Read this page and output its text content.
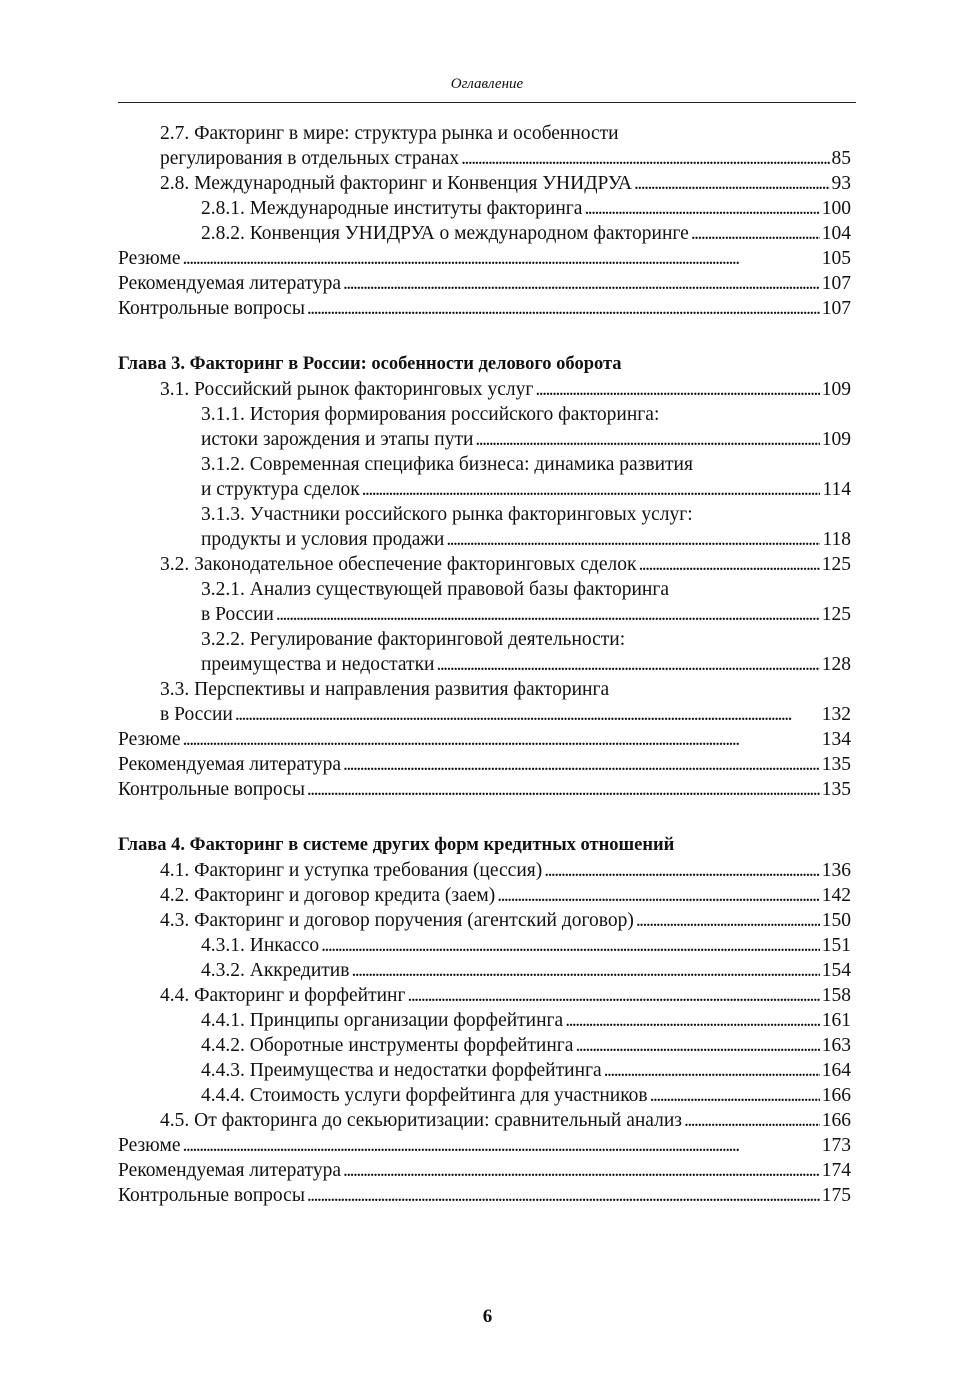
Оглавление
2.7. Факторинг в мире: структура рынка и особенности
регулирования в отдельных странах . . .	85
2.8. Международный факторинг и Конвенция УНИДРУА . . .	93
2.8.1. Международные институты факторинга . . .	100
2.8.2. Конвенция УНИДРУА о международном факторинге . . .	104
Резюме . . .	105
Рекомендуемая литература . . .	107
Контрольные вопросы . . .	107
Глава 3. Факторинг в России: особенности делового оборота
3.1. Российский рынок факторинговых услуг . . .	109
3.1.1. История формирования российского факторинга:
истоки зарождения и этапы пути . . .	109
3.1.2. Современная специфика бизнеса: динамика развития
и структура сделок . . .	114
3.1.3. Участники российского рынка факторинговых услуг:
продукты и условия продажи . . .	118
3.2. Законодательное обеспечение факторинговых сделок . . .	125
3.2.1. Анализ существующей правовой базы факторинга
в России . . .	125
3.2.2. Регулирование факторинговой деятельности:
преимущества и недостатки . . .	128
3.3. Перспективы и направления развития факторинга
в России . . .	132
Резюме . . .	134
Рекомендуемая литература . . .	135
Контрольные вопросы . . .	135
Глава 4. Факторинг в системе других форм кредитных отношений
4.1. Факторинг и уступка требования (цессия) . . .	136
4.2. Факторинг и договор кредита (заем) . . .	142
4.3. Факторинг и договор поручения (агентский договор) . . .	150
4.3.1. Инкассо . . .	151
4.3.2. Аккредитив . . .	154
4.4. Факторинг и форфейтинг . . .	158
4.4.1. Принципы организации форфейтинга . . .	161
4.4.2. Оборотные инструменты форфейтинга . . .	163
4.4.3. Преимущества и недостатки форфейтинга . . .	164
4.4.4. Стоимость услуги форфейтинга для участников . . .	166
4.5. От факторинга до секьюритизации: сравнительный анализ . . .	166
Резюме . . .	173
Рекомендуемая литература . . .	174
Контрольные вопросы . . .	175
6
